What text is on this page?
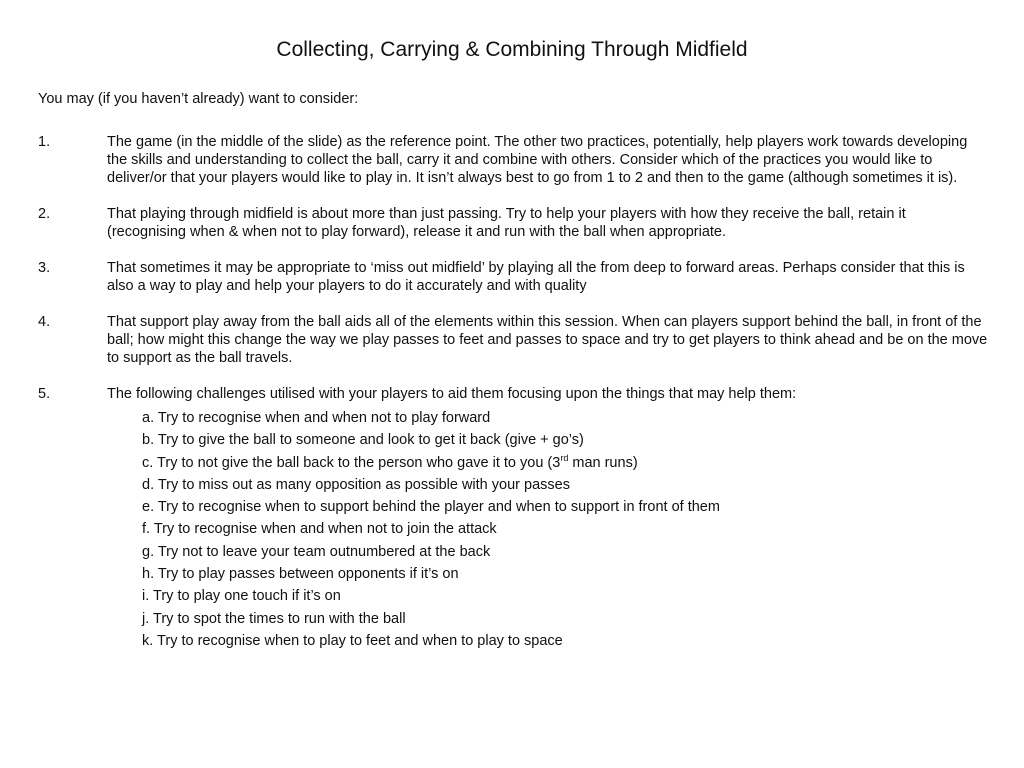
Collecting, Carrying & Combining Through Midfield
You may (if you haven’t already) want to consider:
1.	The game (in the middle of the slide) as the reference point. The other two practices, potentially, help players work towards developing the skills and understanding to collect the ball, carry it and combine with others. Consider which of the practices you would like to deliver/or that your players would like to play in. It isn’t always best to go from 1 to 2 and then to the game (although sometimes it is).
2.	That playing through midfield is about more than just passing. Try to help your players with how they receive the ball, retain it (recognising when & when not to play forward), release it and run with the ball when appropriate.
3.	That sometimes it may be appropriate to ‘miss out midfield’ by playing all the from deep to forward areas. Perhaps consider that this is also a way to play and help your players to do it accurately and with quality
4.	That support play away from the ball aids all of the elements within this session. When can players support behind the ball, in front of the ball; how might this change the way we play passes to feet and passes to space and try to get players to think ahead and be on the move to support as the ball travels.
5.	The following challenges utilised with your players to aid them focusing upon the things that may help them:
a. Try to recognise when and when not to play forward
b. Try to give the ball to someone and look to get it back (give + go’s)
c. Try to not give the ball back to the person who gave it to you (3rd man runs)
d. Try to miss out as many opposition as possible with your passes
e. Try to recognise when to support behind the player and when to support in front of them
f. Try to recognise when and when not to join the attack
g. Try not to leave your team outnumbered at the back
h. Try to play passes between opponents if it’s on
i. Try to play one touch if it’s on
j. Try to spot the times to run with the ball
k. Try to recognise when to play to feet and when to play to space
